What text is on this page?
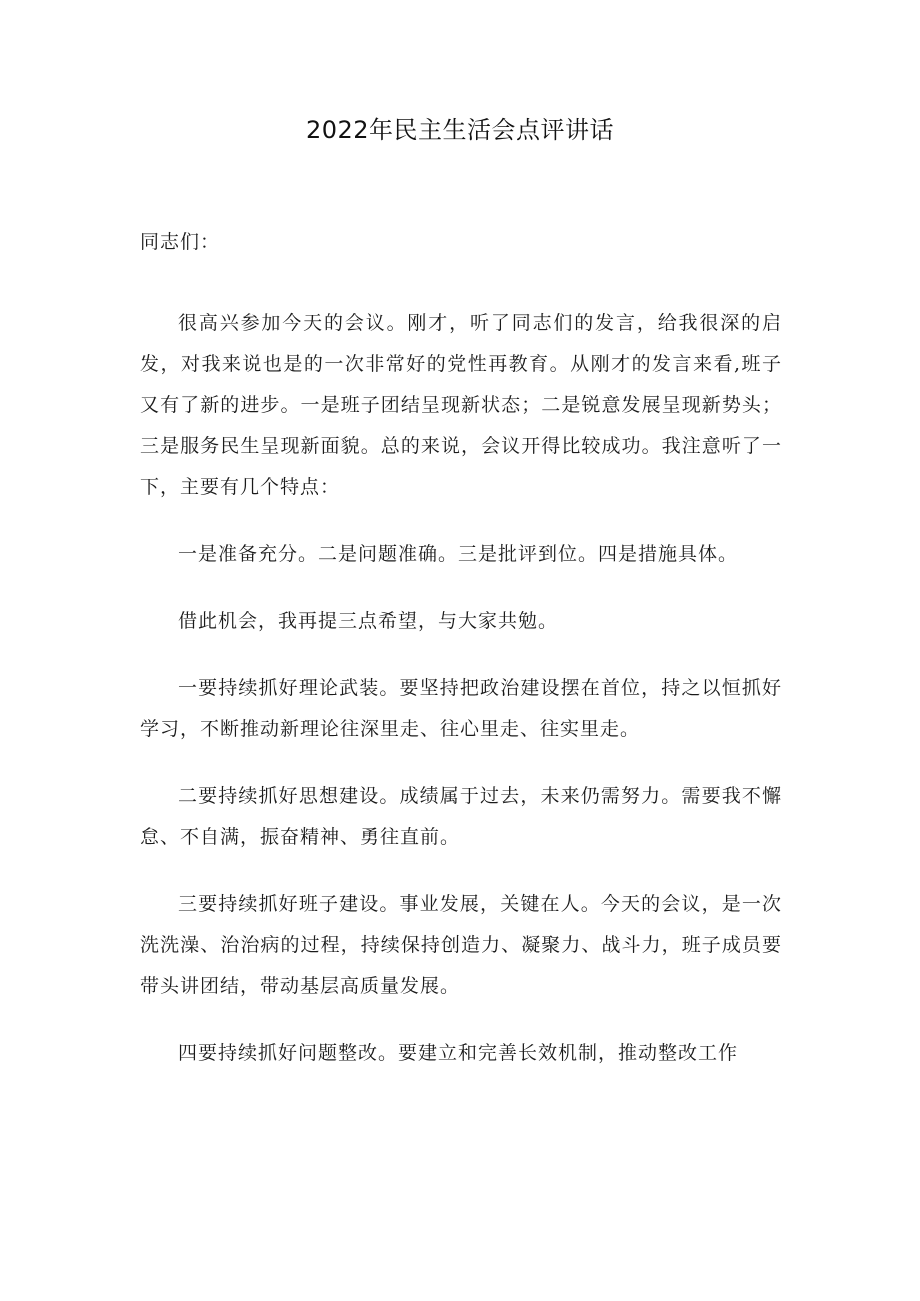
2022年民主生活会点评讲话

同志们：

很高兴参加今天的会议。刚才，听了同志们的发言，给我很深的启发，对我来说也是的一次非常好的党性再教育。从刚才的发言来看,班子又有了新的进步。一是班子团结呈现新状态；二是锐意发展呈现新势头；三是服务民生呈现新面貌。总的来说，会议开得比较成功。我注意听了一下，主要有几个特点：

一是准备充分。二是问题准确。三是批评到位。四是措施具体。

借此机会，我再提三点希望，与大家共勉。

一要持续抓好理论武装。要坚持把政治建设摆在首位，持之以恒抓好学习，不断推动新理论往深里走、往心里走、往实里走。

二要持续抓好思想建设。成绩属于过去，未来仍需努力。需要我不懈怠、不自满，振奋精神、勇往直前。

三要持续抓好班子建设。事业发展，关键在人。今天的会议，是一次洗洗澡、治治病的过程，持续保持创造力、凝聚力、战斗力，班子成员要带头讲团结，带动基层高质量发展。

四要持续抓好问题整改。要建立和完善长效机制，推动整改工作
